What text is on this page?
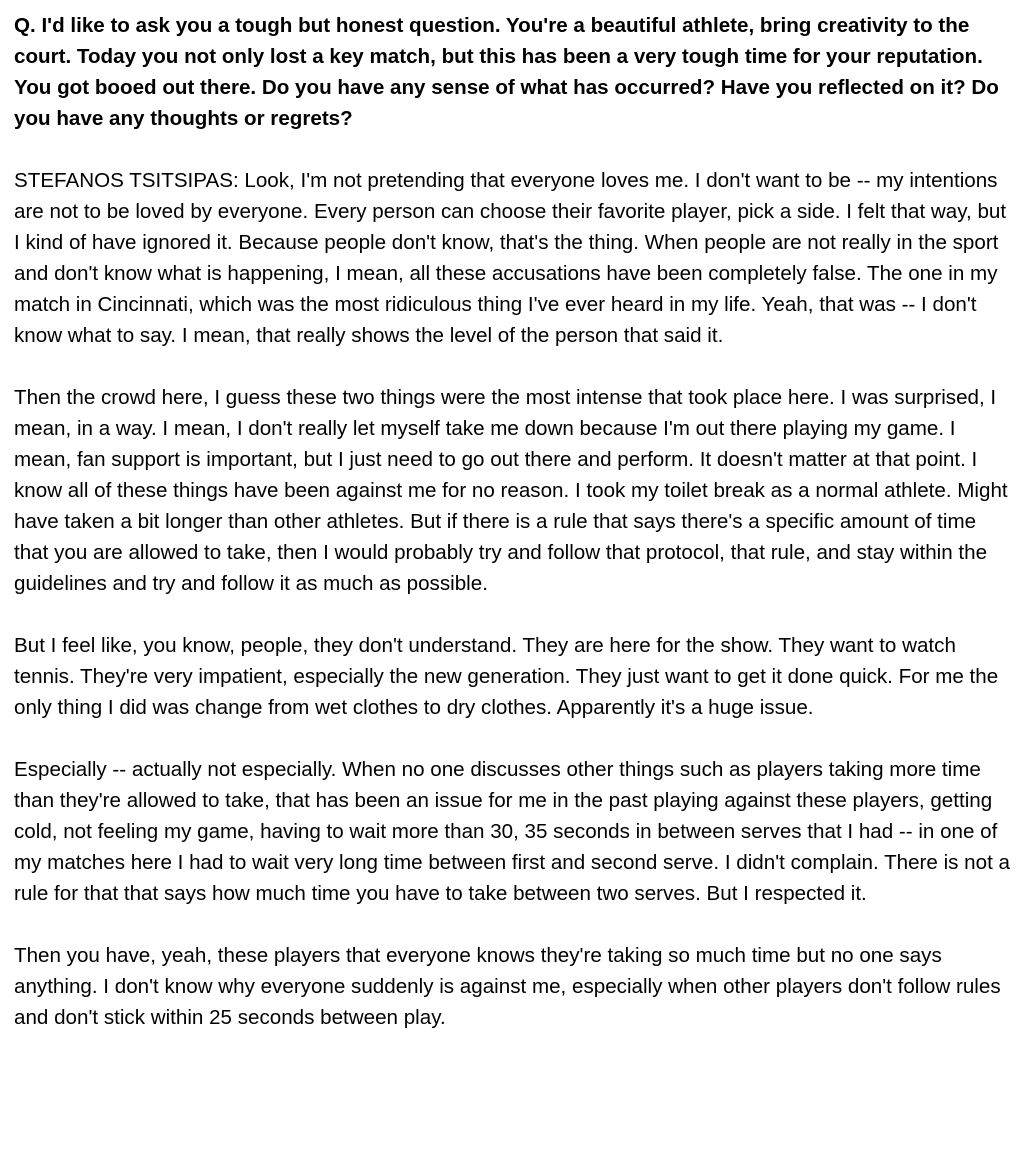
Q. I'd like to ask you a tough but honest question. You're a beautiful athlete, bring creativity to the court. Today you not only lost a key match, but this has been a very tough time for your reputation. You got booed out there. Do you have any sense of what has occurred? Have you reflected on it? Do you have any thoughts or regrets?

STEFANOS TSITSIPAS: Look, I'm not pretending that everyone loves me. I don't want to be -- my intentions are not to be loved by everyone. Every person can choose their favorite player, pick a side. I felt that way, but I kind of have ignored it. Because people don't know, that's the thing. When people are not really in the sport and don't know what is happening, I mean, all these accusations have been completely false. The one in my match in Cincinnati, which was the most ridiculous thing I've ever heard in my life. Yeah, that was -- I don't know what to say. I mean, that really shows the level of the person that said it.

Then the crowd here, I guess these two things were the most intense that took place here. I was surprised, I mean, in a way. I mean, I don't really let myself take me down because I'm out there playing my game. I mean, fan support is important, but I just need to go out there and perform. It doesn't matter at that point. I know all of these things have been against me for no reason. I took my toilet break as a normal athlete. Might have taken a bit longer than other athletes. But if there is a rule that says there's a specific amount of time that you are allowed to take, then I would probably try and follow that protocol, that rule, and stay within the guidelines and try and follow it as much as possible.

But I feel like, you know, people, they don't understand. They are here for the show. They want to watch tennis. They're very impatient, especially the new generation. They just want to get it done quick. For me the only thing I did was change from wet clothes to dry clothes. Apparently it's a huge issue.

Especially -- actually not especially. When no one discusses other things such as players taking more time than they're allowed to take, that has been an issue for me in the past playing against these players, getting cold, not feeling my game, having to wait more than 30, 35 seconds in between serves that I had -- in one of my matches here I had to wait very long time between first and second serve. I didn't complain. There is not a rule for that that says how much time you have to take between two serves. But I respected it.

Then you have, yeah, these players that everyone knows they're taking so much time but no one says anything. I don't know why everyone suddenly is against me, especially when other players don't follow rules and don't stick within 25 seconds between play.
